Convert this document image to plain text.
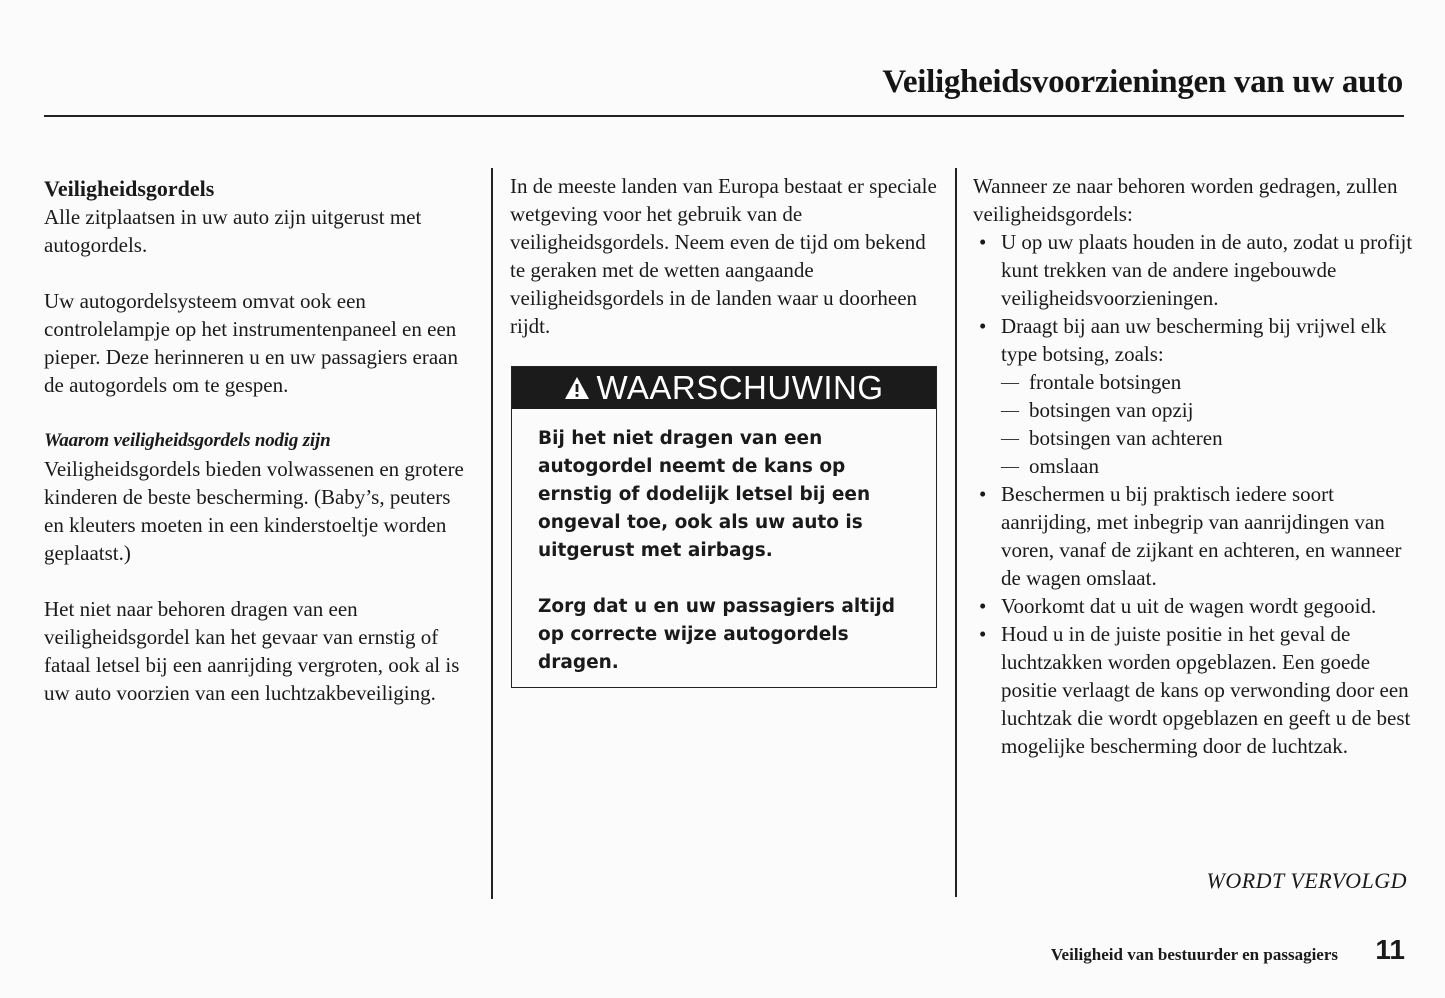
Veiligheidsvoorzieningen van uw auto

Veiligheidsgordels

Alle zitplaatsen in uw auto zijn uitgerust met autogordels.

Uw autogordelsysteem omvat ook een controlelampje op het instrumentenpaneel en een pieper. Deze herinneren u en uw passagiers eraan de autogordels om te gespen.

Waarom veiligheidsgordels nodig zijn

Veiligheidsgordels bieden volwassenen en grotere kinderen de beste bescherming. (Baby’s, peuters en kleuters moeten in een kinderstoeltje worden geplaatst.)

Het niet naar behoren dragen van een veiligheidsgordel kan het gevaar van ernstig of fataal letsel bij een aanrijding vergroten, ook al is uw auto voorzien van een luchtzakbeveiliging.

In de meeste landen van Europa bestaat er speciale wetgeving voor het gebruik van de veiligheidsgordels. Neem even de tijd om bekend te geraken met de wetten aangaande veiligheidsgordels in de landen waar u doorheen rijdt.

WAARSCHUWING

Bij het niet dragen van een autogordel neemt de kans op ernstig of dodelijk letsel bij een ongeval toe, ook als uw auto is uitgerust met airbags.

Zorg dat u en uw passagiers altijd op correcte wijze autogordels dragen.

Wanneer ze naar behoren worden gedragen, zullen veiligheidsgordels:

• U op uw plaats houden in de auto, zodat u profijt kunt trekken van de andere ingebouwde veiligheidsvoorzieningen.
• Draagt bij aan uw bescherming bij vrijwel elk type botsing, zoals:
— frontale botsingen
— botsingen van opzij
— botsingen van achteren
— omslaan
• Beschermen u bij praktisch iedere soort aanrijding, met inbegrip van aanrijdingen van voren, vanaf de zijkant en achteren, en wanneer de wagen omslaat.
• Voorkomt dat u uit de wagen wordt gegooid.
• Houd u in de juiste positie in het geval de luchtzakken worden opgeblazen. Een goede positie verlaagt de kans op verwonding door een luchtzak die wordt opgeblazen en geeft u de best mogelijke bescherming door de luchtzak.
WORDT VERVOLGD
Veiligheid van bestuurder en passagiers 11
